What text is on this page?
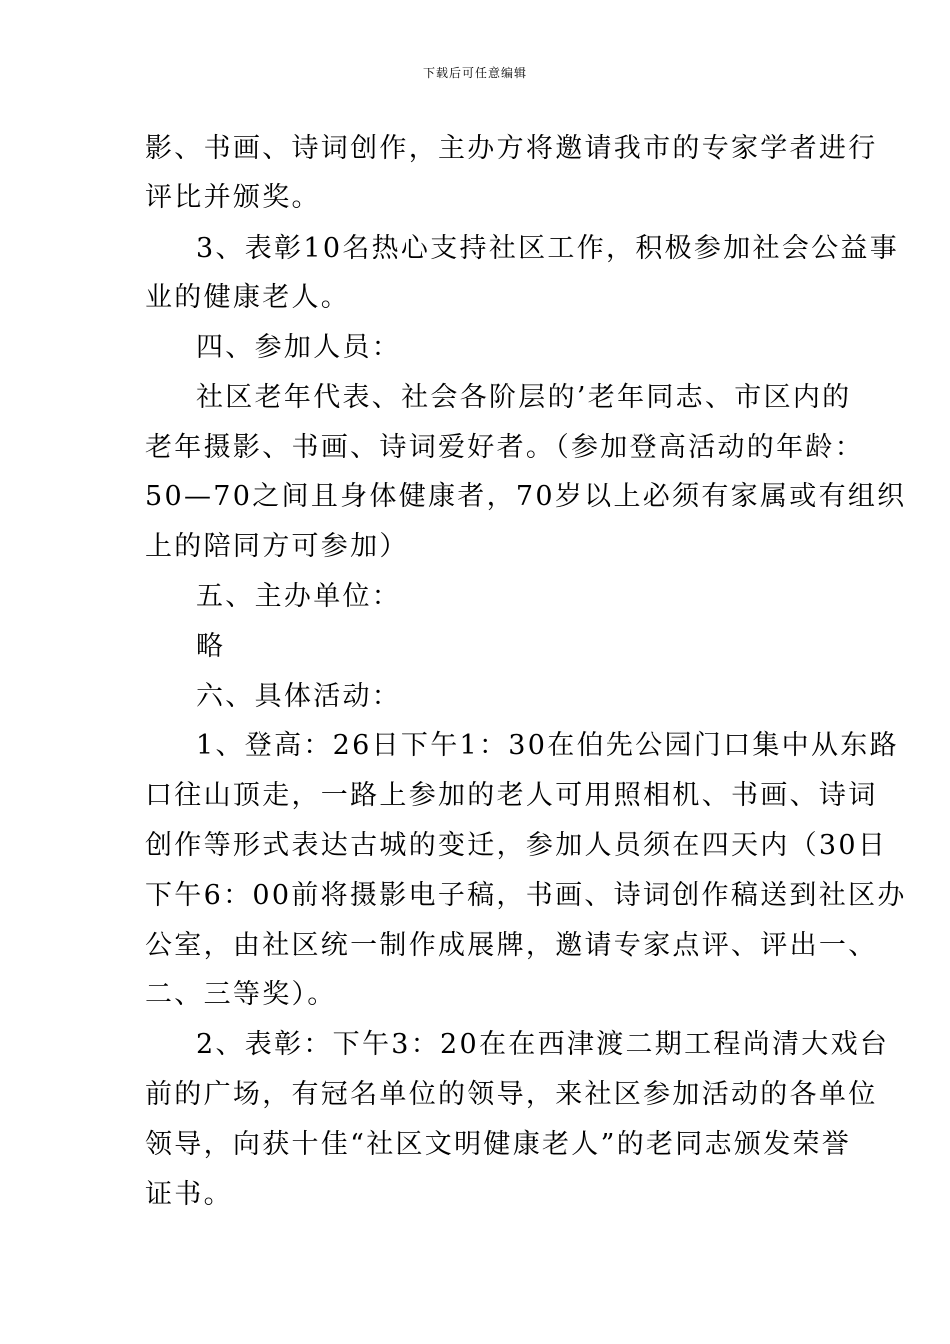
下载后可任意编辑
影、书画、诗词创作，主办方将邀请我市的专家学者进行
评比并颁奖。
3、表彰10名热心支持社区工作，积极参加社会公益事
业的健康老人。
四、参加人员：
社区老年代表、社会各阶层的’老年同志、市区内的
老年摄影、书画、诗词爱好者。（参加登高活动的年龄：
50—70之间且身体健康者，70岁以上必须有家属或有组织
上的陪同方可参加）
五、主办单位：
略
六、具体活动：
1、登高：26日下午1：30在伯先公园门口集中从东路
口往山顶走，一路上参加的老人可用照相机、书画、诗词
创作等形式表达古城的变迁，参加人员须在四天内（30日
下午6：00前将摄影电子稿，书画、诗词创作稿送到社区办
公室，由社区统一制作成展牌，邀请专家点评、评出一、
二、三等奖）。
2、表彰：下午3：20在在西津渡二期工程尚清大戏台
前的广场，有冠名单位的领导，来社区参加活动的各单位
领导，向获十佳“社区文明健康老人”的老同志颁发荣誉
证书。
